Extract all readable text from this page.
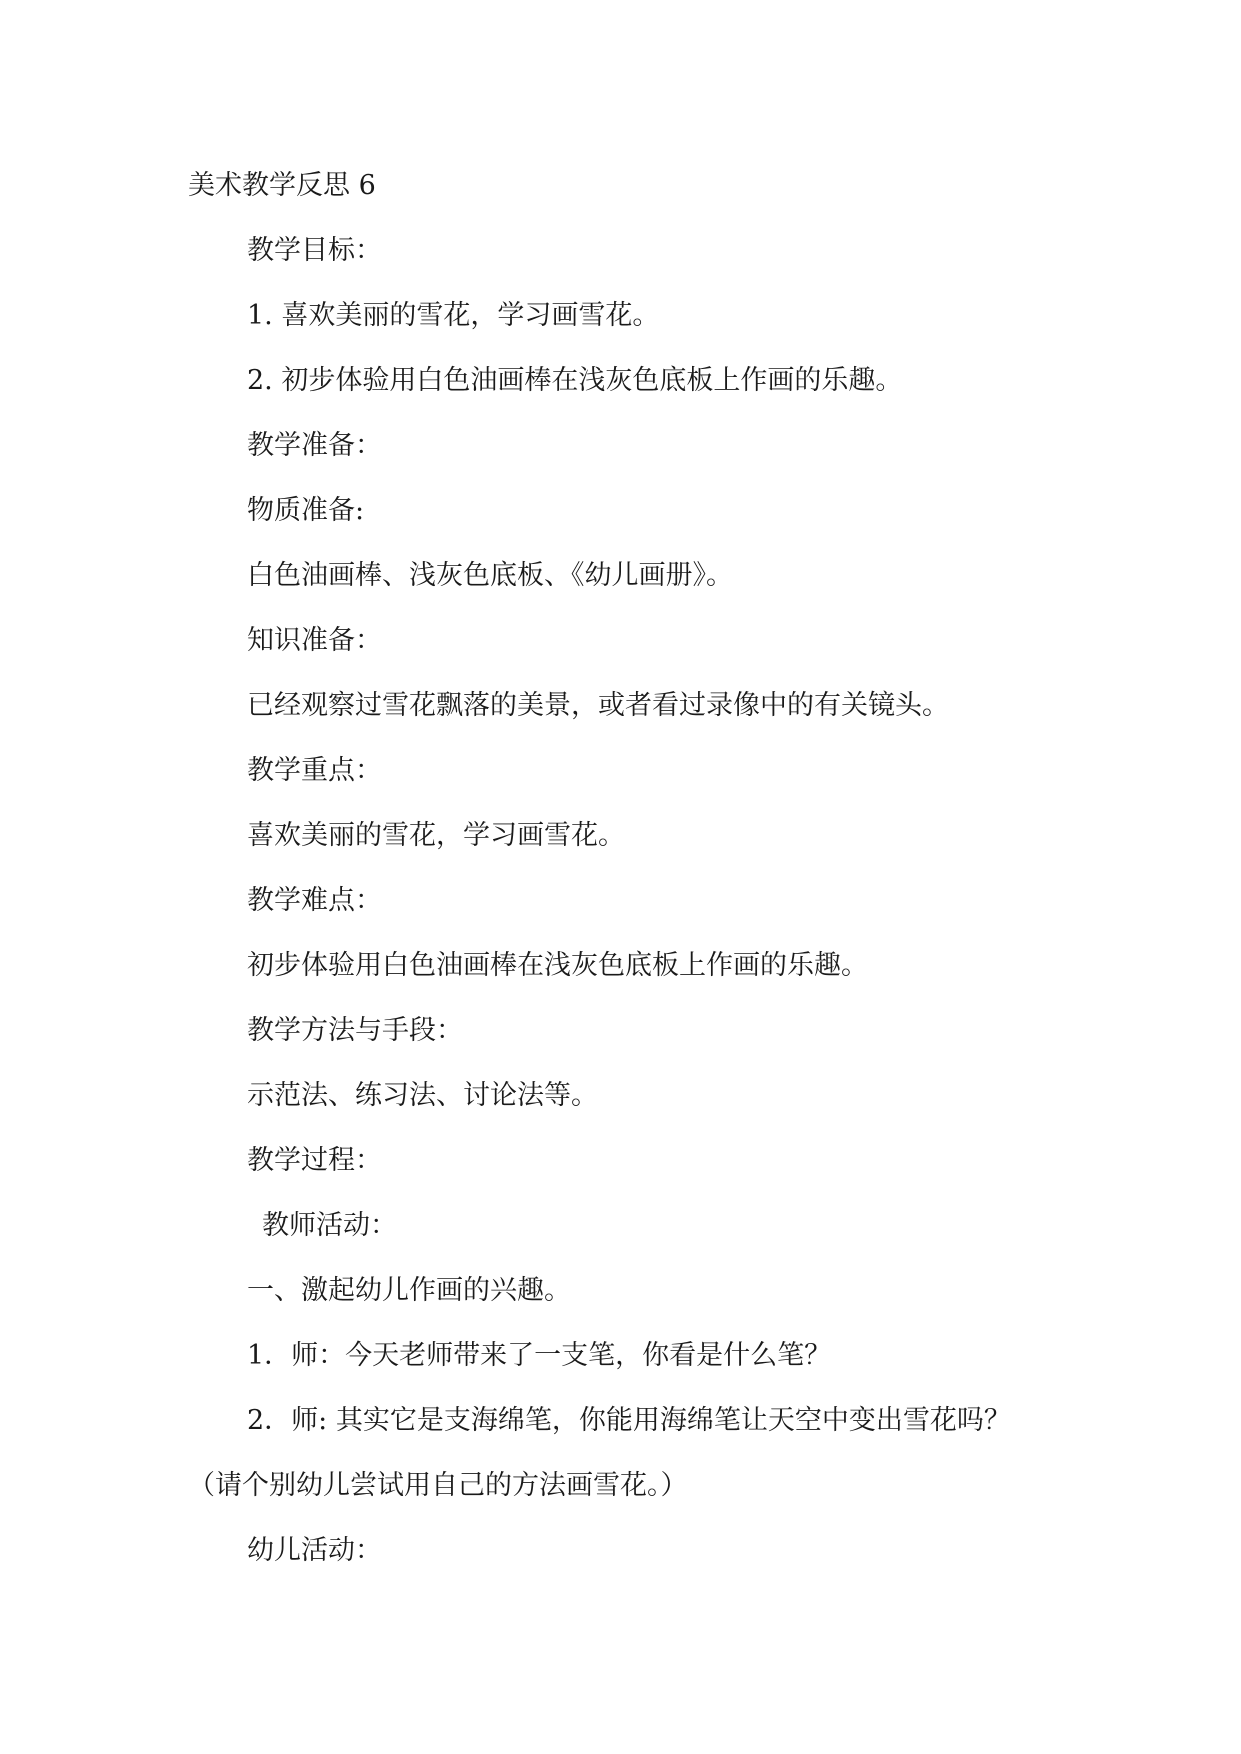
美术教学反思 6
教学目标：
1. 喜欢美丽的雪花，学习画雪花。
2. 初步体验用白色油画棒在浅灰色底板上作画的乐趣。
教学准备：
物质准备:
白色油画棒、浅灰色底板、《幼儿画册》。
知识准备：
已经观察过雪花飘落的美景，或者看过录像中的有关镜头。
教学重点：
喜欢美丽的雪花，学习画雪花。
教学难点：
初步体验用白色油画棒在浅灰色底板上作画的乐趣。
教学方法与手段：
示范法、练习法、讨论法等。
教学过程：
教师活动：
一、激起幼儿作画的兴趣。
1．师：今天老师带来了一支笔，你看是什么笔？
2．师: 其实它是支海绵笔，你能用海绵笔让天空中变出雪花吗？
（请个别幼儿尝试用自己的方法画雪花。）
幼儿活动：
